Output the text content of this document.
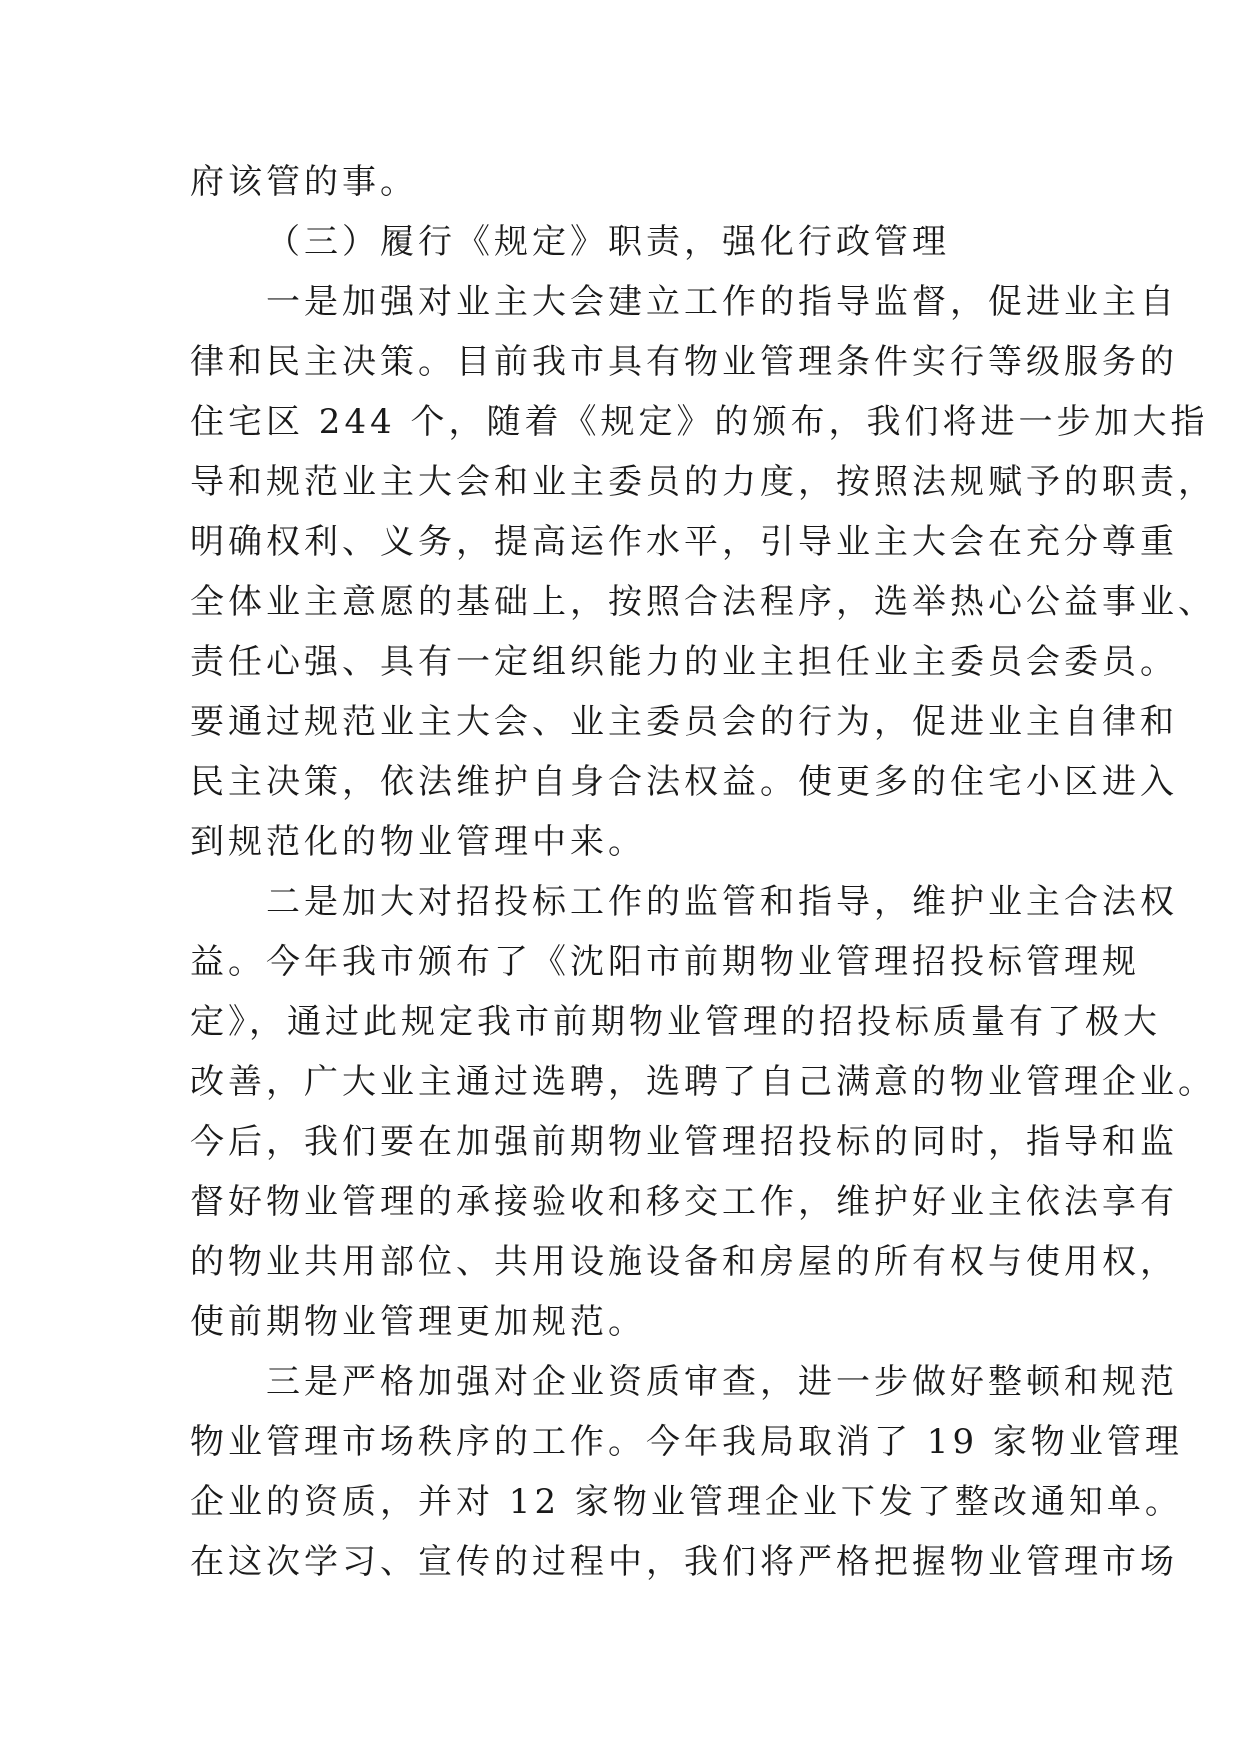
府该管的事。
（三）履行《规定》职责，强化行政管理
一是加强对业主大会建立工作的指导监督，促进业主自
律和民主决策。目前我市具有物业管理条件实行等级服务的
住宅区 244 个，随着《规定》的颁布，我们将进一步加大指
导和规范业主大会和业主委员的力度，按照法规赋予的职责，
明确权利、义务，提高运作水平，引导业主大会在充分尊重
全体业主意愿的基础上，按照合法程序，选举热心公益事业、
责任心强、具有一定组织能力的业主担任业主委员会委员。
要通过规范业主大会、业主委员会的行为，促进业主自律和
民主决策，依法维护自身合法权益。使更多的住宅小区进入
到规范化的物业管理中来。
二是加大对招投标工作的监管和指导，维护业主合法权
益。今年我市颁布了《沈阳市前期物业管理招投标管理规
定》，通过此规定我市前期物业管理的招投标质量有了极大
改善，广大业主通过选聘，选聘了自己满意的物业管理企业。
今后，我们要在加强前期物业管理招投标的同时，指导和监
督好物业管理的承接验收和移交工作，维护好业主依法享有
的物业共用部位、共用设施设备和房屋的所有权与使用权，
使前期物业管理更加规范。
三是严格加强对企业资质审查，进一步做好整顿和规范
物业管理市场秩序的工作。今年我局取消了 19 家物业管理
企业的资质，并对 12 家物业管理企业下发了整改通知单。
在这次学习、宣传的过程中，我们将严格把握物业管理市场
